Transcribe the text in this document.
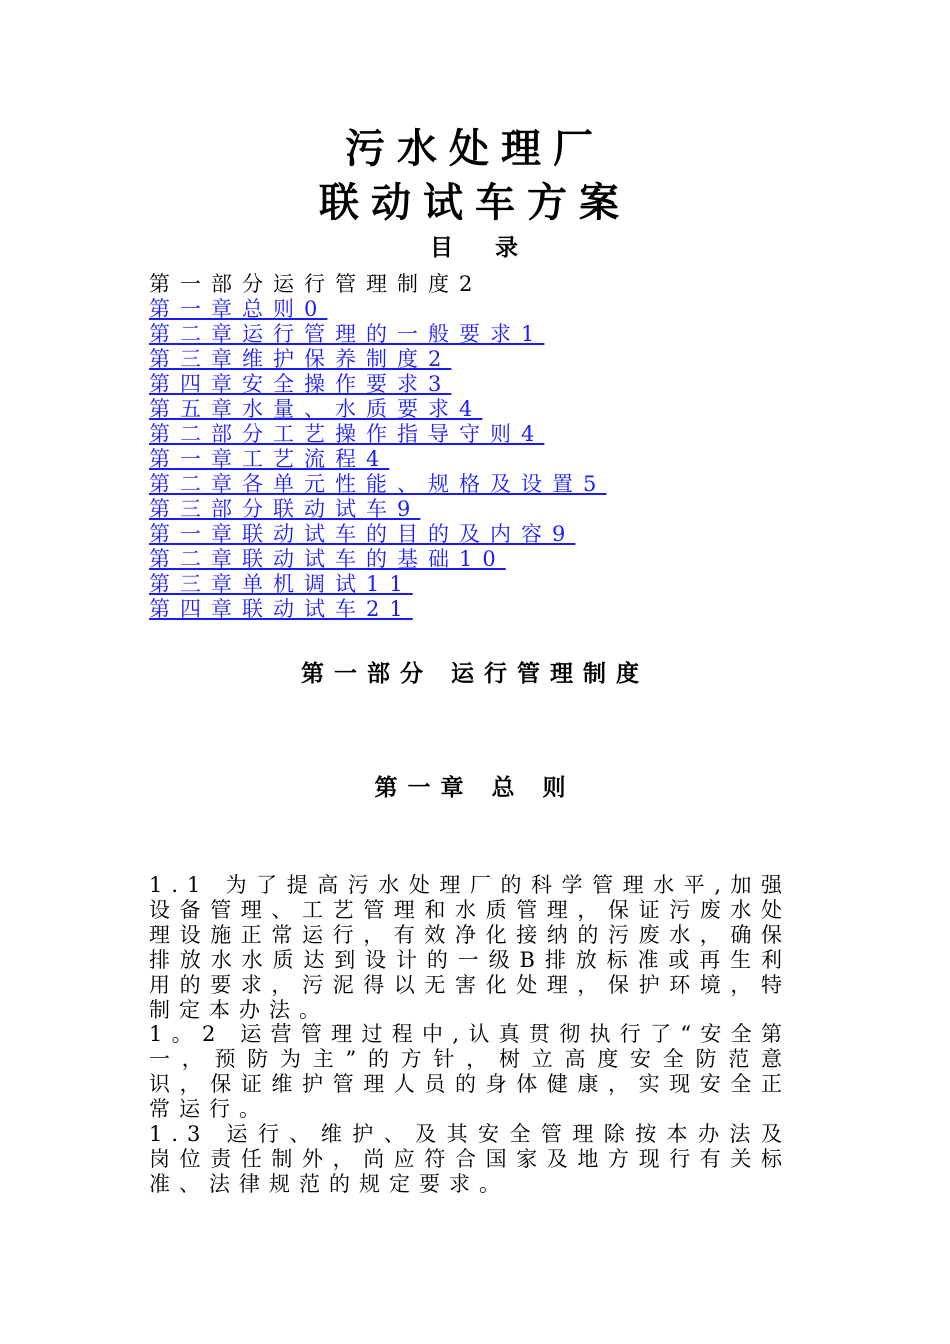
污水处理厂
联动试车方案
目 录
第一部分运行管理制度2
第一章总则0
第二章运行管理的一般要求1
第三章维护保养制度2
第四章安全操作要求3
第五章水量、水质要求4
第二部分工艺操作指导守则4
第一章工艺流程4
第二章各单元性能、规格及设置5
第三部分联动试车9
第一章联动试车的目的及内容9
第二章联动试车的基础10
第三章单机调试11
第四章联动试车21
第一部分 运行管理制度
第一章 总 则
1.1 为了提高污水处理厂的科学管理水平,加强设备管理、工艺管理和水质管理，保证污废水处理设施正常运行，有效净化接纳的污废水，确保排放水水质达到设计的一级B排放标准或再生利用的要求，污泥得以无害化处理，保护环境，特制定本办法。
1。2 运营管理过程中,认真贯彻执行了“安全第一，预防为主”的方针，树立高度安全防范意识，保证维护管理人员的身体健康，实现安全正常运行。
1.3 运行、维护、及其安全管理除按本办法及岗位责任制外，尚应符合国家及地方现行有关标准、法律规范的规定要求。
